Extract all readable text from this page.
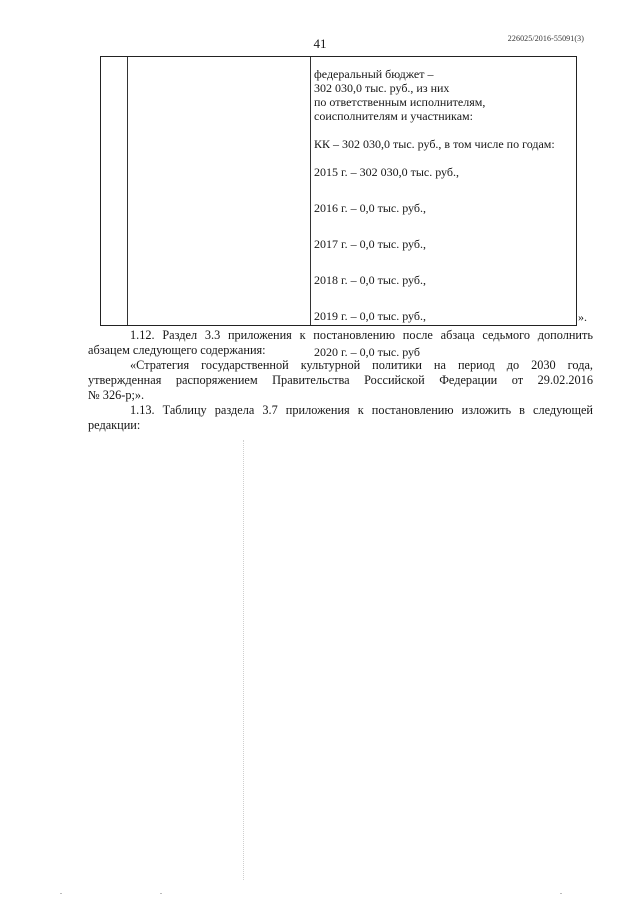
41	226025/2016-55091(3)
федеральный бюджет –
302 030,0 тыс. руб., из них
по ответственным исполнителям,
соисполнителям и участникам:
КК – 302 030,0 тыс. руб., в том числе по годам:
2015 г. – 302 030,0 тыс. руб.,
2016 г. – 0,0 тыс. руб.,
2017 г. – 0,0 тыс. руб.,
2018 г. – 0,0 тыс. руб.,
2019 г. – 0,0 тыс. руб.,
2020 г. – 0,0 тыс. руб
».
1.12. Раздел 3.3 приложения к постановлению после абзаца седьмого дополнить
абзацем следующего содержания:
«Стратегия государственной культурной политики на период до 2030 года,
утвержденная распоряжением Правительства Российской Федерации от 29.02.2016
№ 326-р;».
1.13. Таблицу раздела 3.7 приложения к постановлению изложить в следующей
редакции:
